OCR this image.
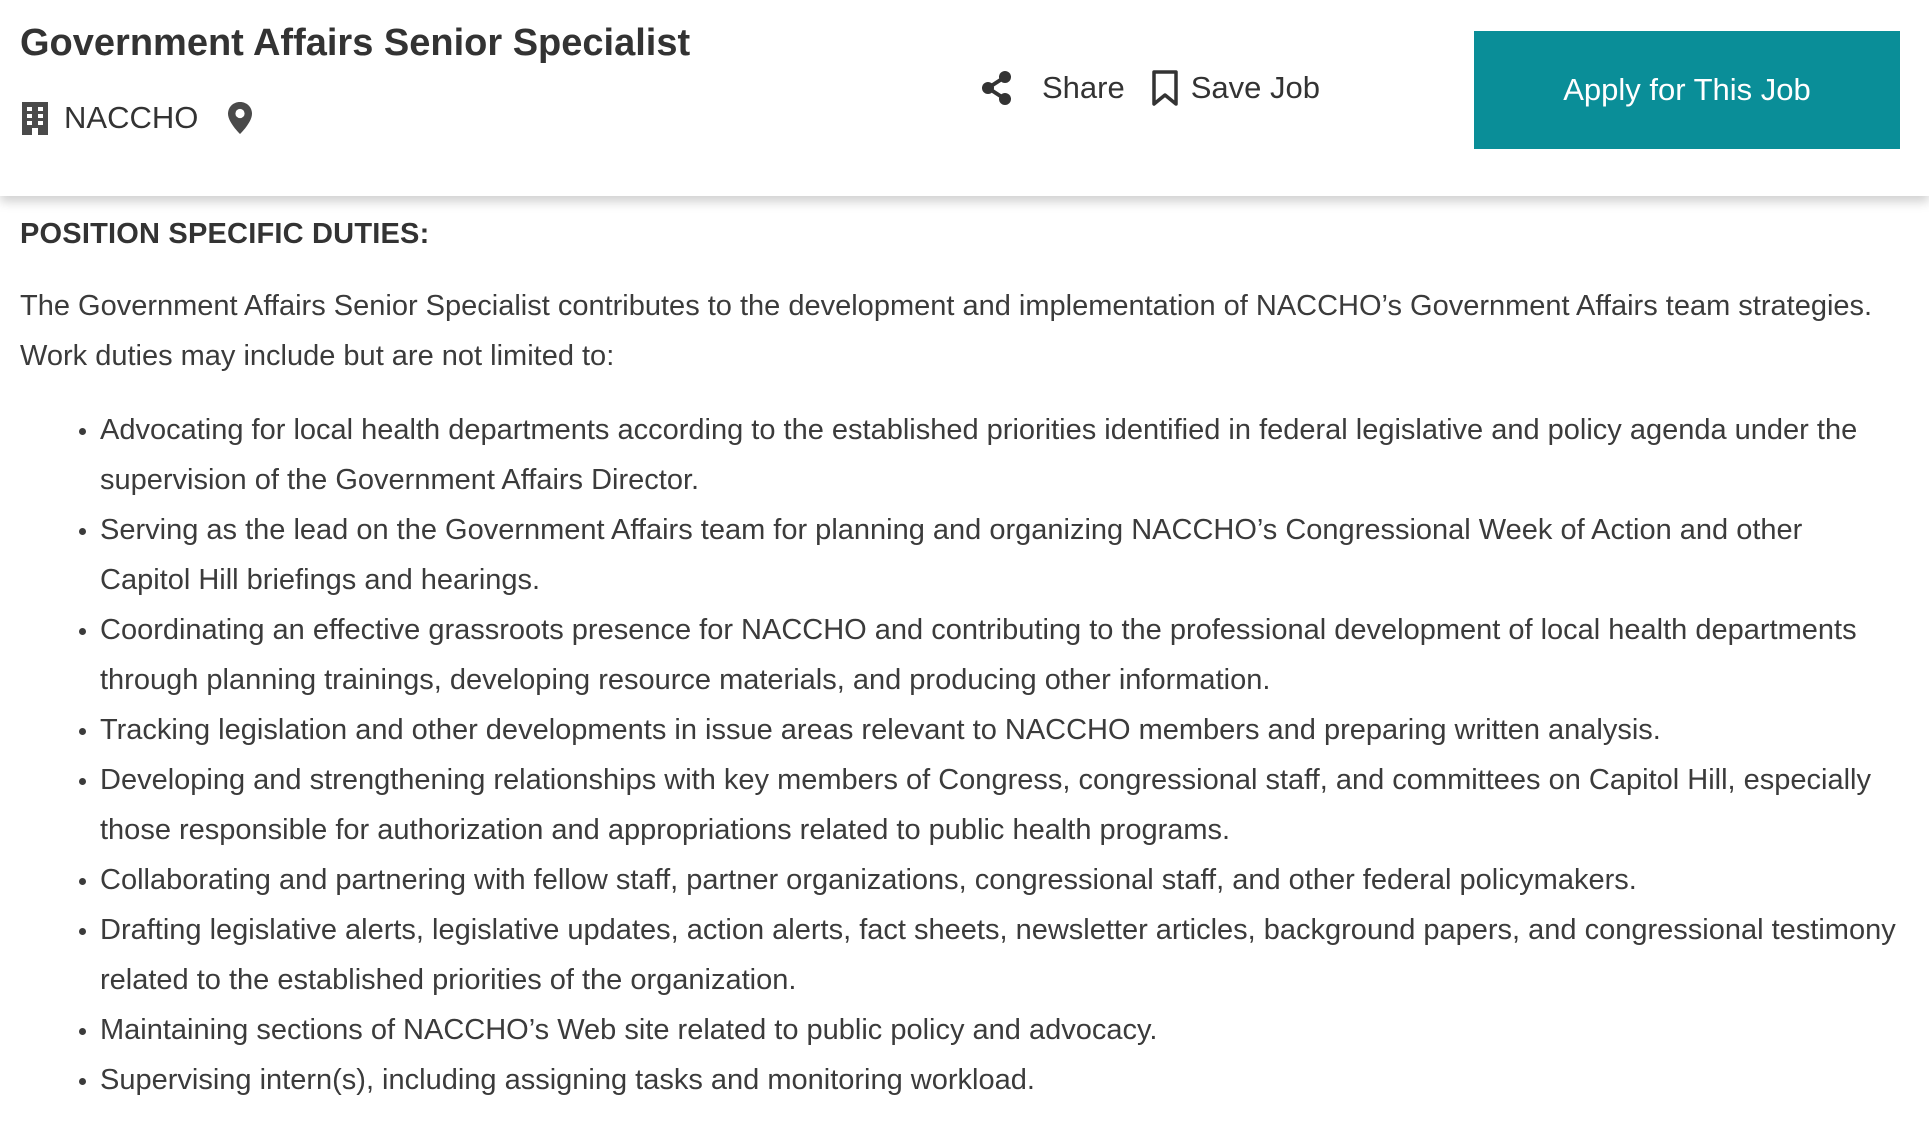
Government Affairs Senior Specialist
NACCHO
Share Save Job	Apply for This Job
POSITION SPECIFIC DUTIES:

The Government Affairs Senior Specialist contributes to the development and implementation of NACCHO’s Government Affairs team strategies. Work duties may include but are not limited to:

• Advocating for local health departments according to the established priorities identified in federal legislative and policy agenda under the supervision of the Government Affairs Director.
• Serving as the lead on the Government Affairs team for planning and organizing NACCHO’s Congressional Week of Action and other Capitol Hill briefings and hearings.
• Coordinating an effective grassroots presence for NACCHO and contributing to the professional development of local health departments through planning trainings, developing resource materials, and producing other information.
• Tracking legislation and other developments in issue areas relevant to NACCHO members and preparing written analysis.
• Developing and strengthening relationships with key members of Congress, congressional staff, and committees on Capitol Hill, especially those responsible for authorization and appropriations related to public health programs.
• Collaborating and partnering with fellow staff, partner organizations, congressional staff, and other federal policymakers.
• Drafting legislative alerts, legislative updates, action alerts, fact sheets, newsletter articles, background papers, and congressional testimony related to the established priorities of the organization.
• Maintaining sections of NACCHO’s Web site related to public policy and advocacy.
• Supervising intern(s), including assigning tasks and monitoring workload.
